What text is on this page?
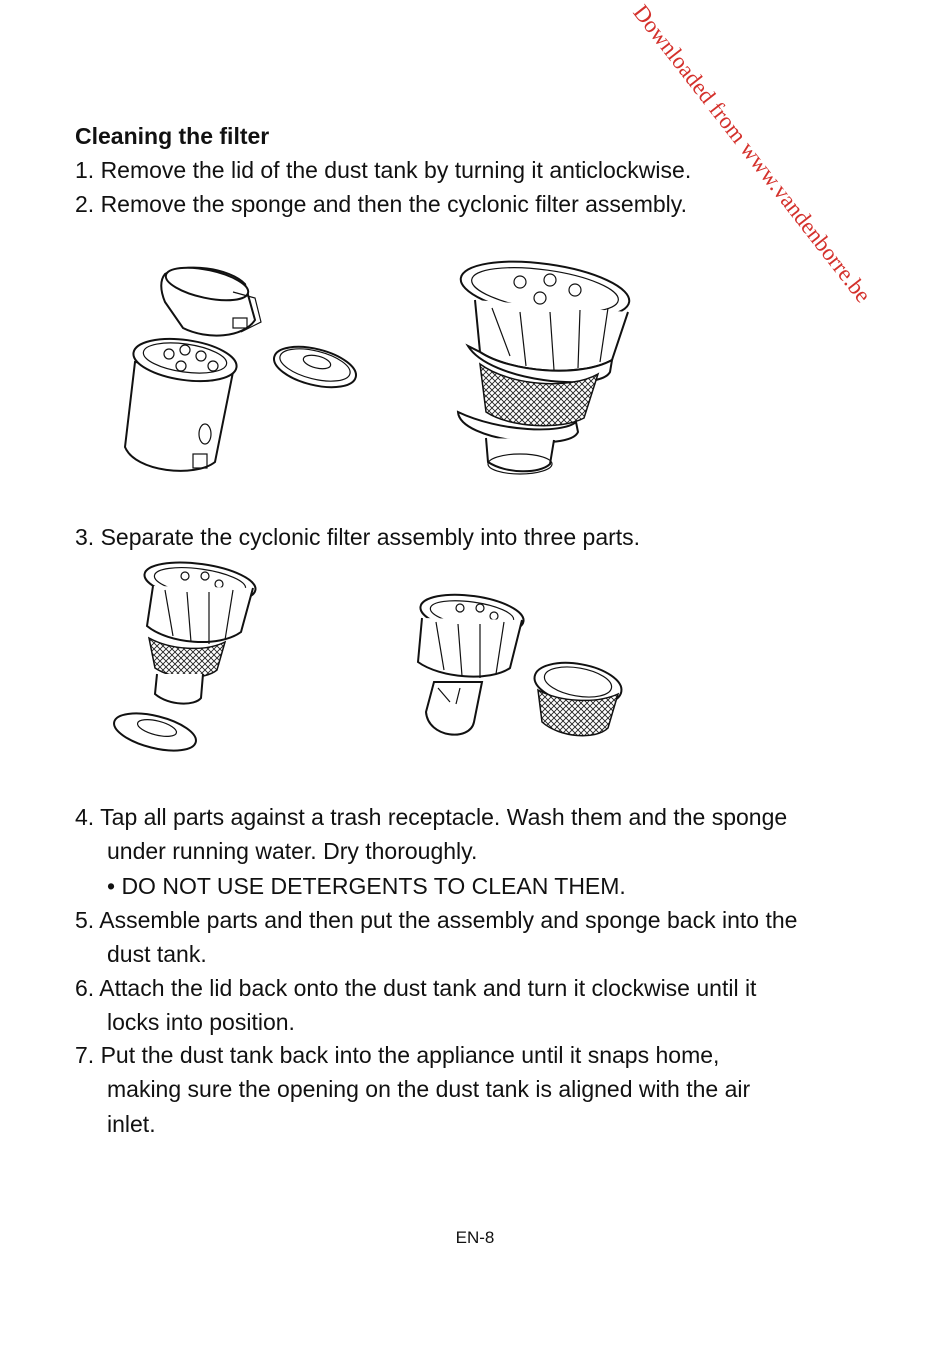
Downloaded from www.vandenborre.be
Cleaning the filter
1. Remove the lid of the dust tank by turning it anticlockwise.
2. Remove the sponge and then the cyclonic filter assembly.
3. Separate the cyclonic filter assembly into three parts.
4. Tap all parts against a trash receptacle. Wash them and the sponge
under running water. Dry thoroughly.
• DO NOT USE DETERGENTS TO CLEAN THEM.
5. Assemble parts and then put the assembly and sponge back into the
dust tank.
6. Attach the lid back onto the dust tank and turn it clockwise until it
locks into position.
7. Put the dust tank back into the appliance until it snaps home,
making sure the opening on the dust tank is aligned with the air
inlet.
EN-8
